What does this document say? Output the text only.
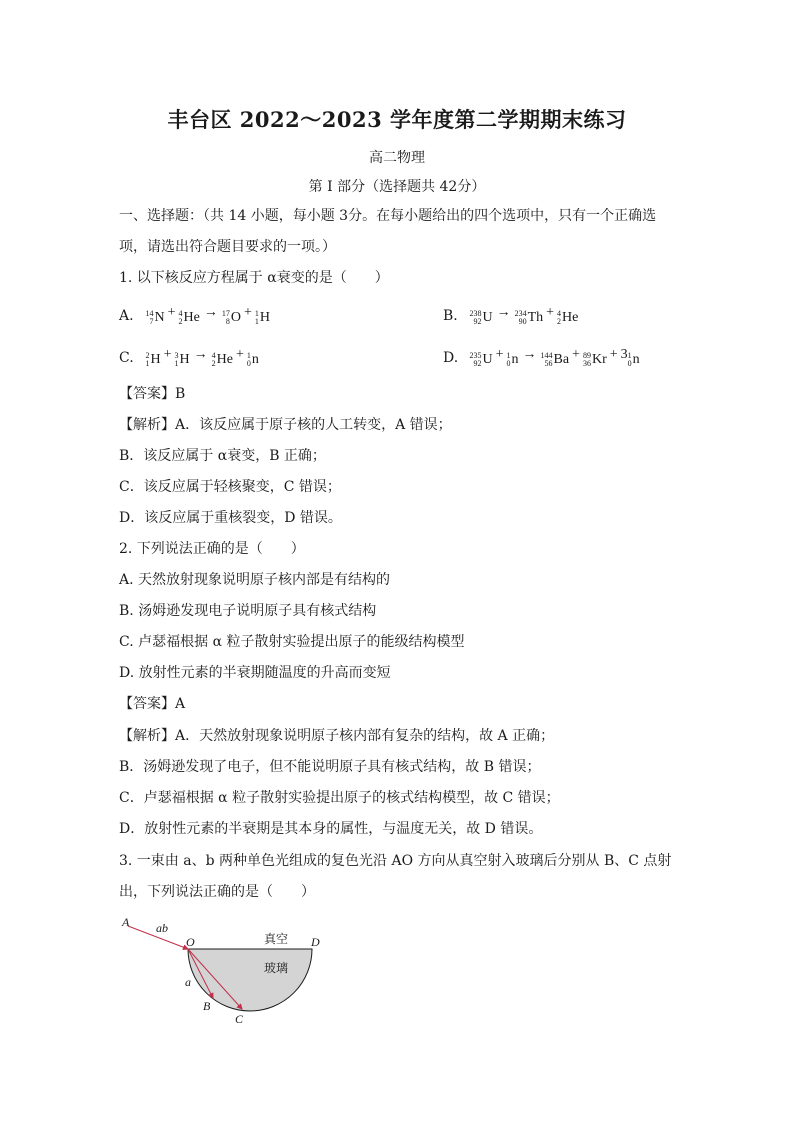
丰台区 2022～2023 学年度第二学期期末练习
高二物理
第 I 部分（选择题共 42分）
一、选择题：（共 14 小题，每小题 3分。在每小题给出的四个选项中，只有一个正确选
项，请选出符合题目要求的一项。）
1. 以下核反应方程属于 α衰变的是（　　）
A. 14
7 N + 4
2 He → 17
8 O + 1
1 H	B. 238
92 U → 234
90 Th + 4
2 He
C. 2
1 H + 3
1 H → 4
2 He + 1
0 n	D. 235
92 U + 1
0 n → 144
56 Ba + 89
36 Kr + 3 1
0 n
【答案】B
【解析】A．该反应属于原子核的人工转变，A 错误；
B．该反应属于 α衰变，B 正确；
C．该反应属于轻核聚变，C 错误；
D．该反应属于重核裂变，D 错误。
2. 下列说法正确的是（　　）
A. 天然放射现象说明原子核内部是有结构的
B. 汤姆逊发现电子说明原子具有核式结构
C. 卢瑟福根据 α 粒子散射实验提出原子的能级结构模型
D. 放射性元素的半衰期随温度的升高而变短
【答案】A
【解析】A．天然放射现象说明原子核内部有复杂的结构，故 A 正确；
B．汤姆逊发现了电子，但不能说明原子具有核式结构，故 B 错误；
C．卢瑟福根据 α 粒子散射实验提出原子的核式结构模型，故 C 错误；
D．放射性元素的半衰期是其本身的属性，与温度无关，故 D 错误。
3. 一束由 a、b 两种单色光组成的复色光沿 AO 方向从真空射入玻璃后分别从 B、C 点射
出，下列说法正确的是（　　）
A ab
O	D
真空
玻璃
a
B
C
